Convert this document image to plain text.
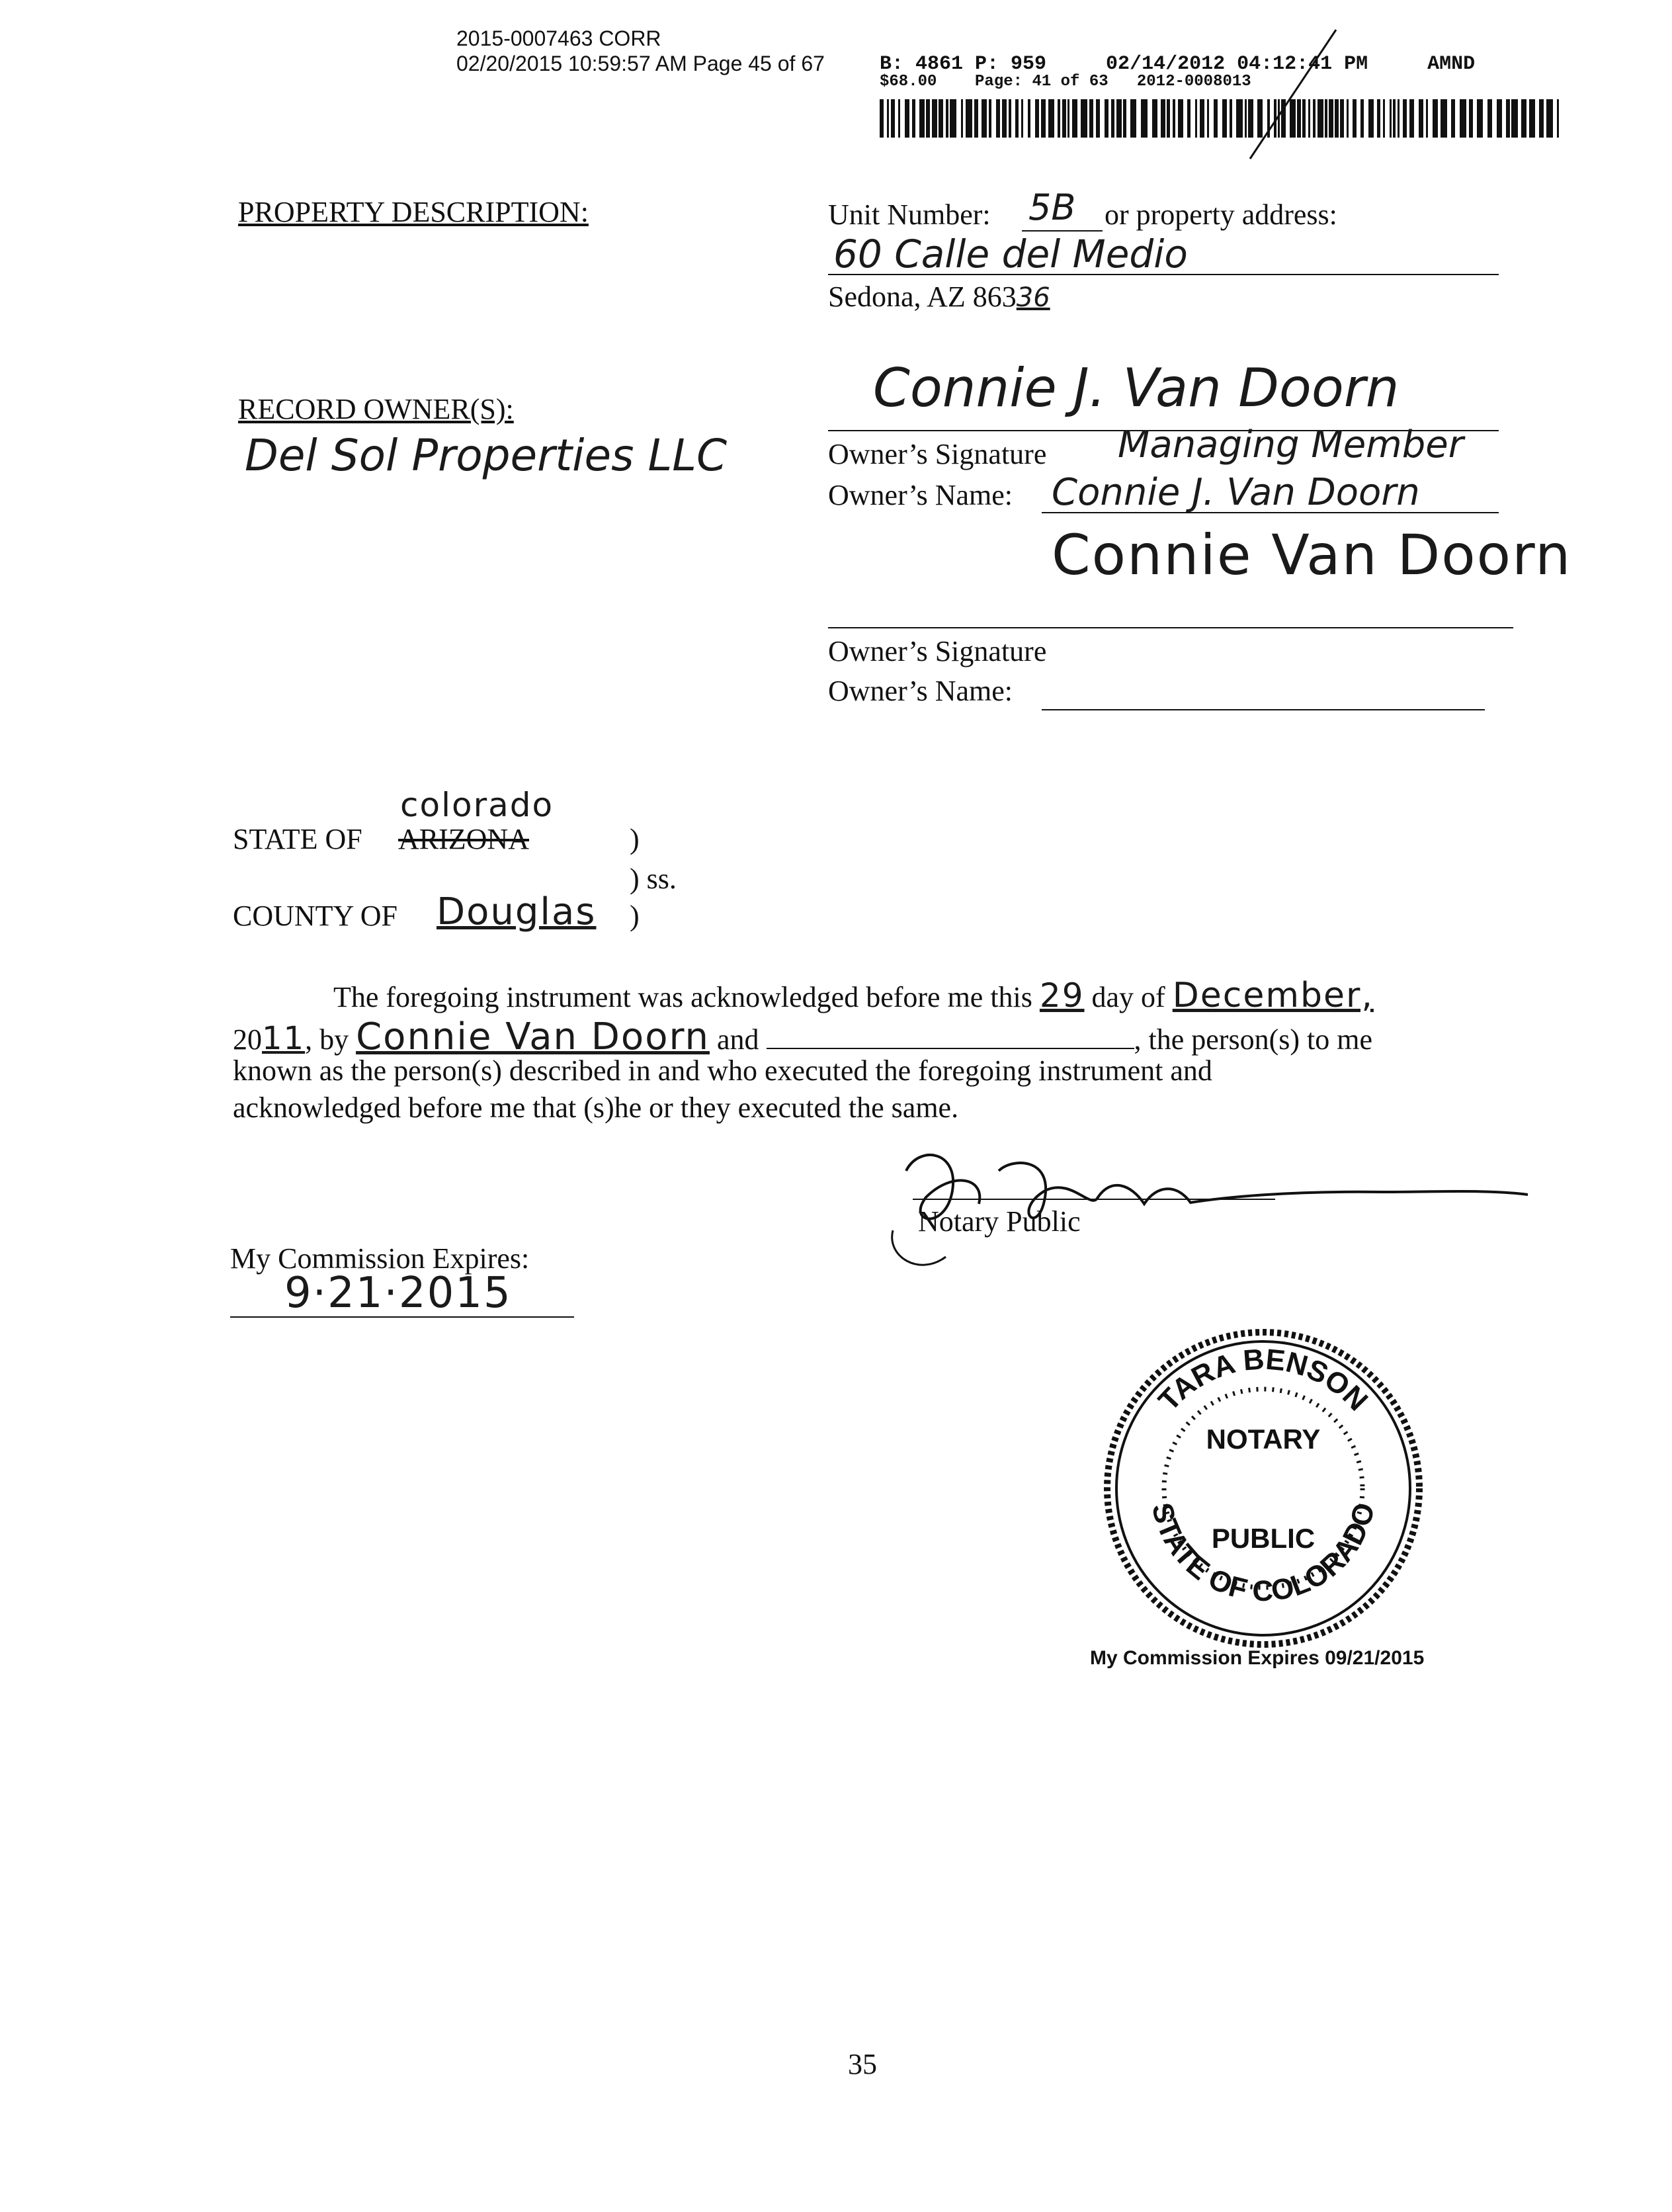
2015-0007463 CORR
02/20/2015 10:59:57 AM Page 45 of 67	B: 4861 P: 959     02/14/2012 04:12:41 PM     AMND
$68.00    Page: 41 of 63   2012-0008013
PROPERTY DESCRIPTION:	Unit Number: 5B or property address:
60 Calle del Medio
Sedona, AZ 86336
RECORD OWNER(S):
Del Sol Properties LLC
Connie J. Van Doorn
Owner’s Signature Managing Member
Owner’s Name: Connie J. Van Doorn
Connie Van Doorn
Owner’s Signature
Owner’s Name:
colorado
STATE OF ARIZONA	)
) ss.
COUNTY OF Douglas )
The foregoing instrument was acknowledged before me this 29 day of December,
2011, by Connie Van Doorn and	, the person(s) to me
known as the person(s) described in and who executed the foregoing instrument and
acknowledged before me that (s)he or they executed the same.
Notary Public
My Commission Expires:
9·21·2015
TARA BENSON
STATE OF COLORADO
NOTARY
PUBLIC
My Commission Expires 09/21/2015
35
